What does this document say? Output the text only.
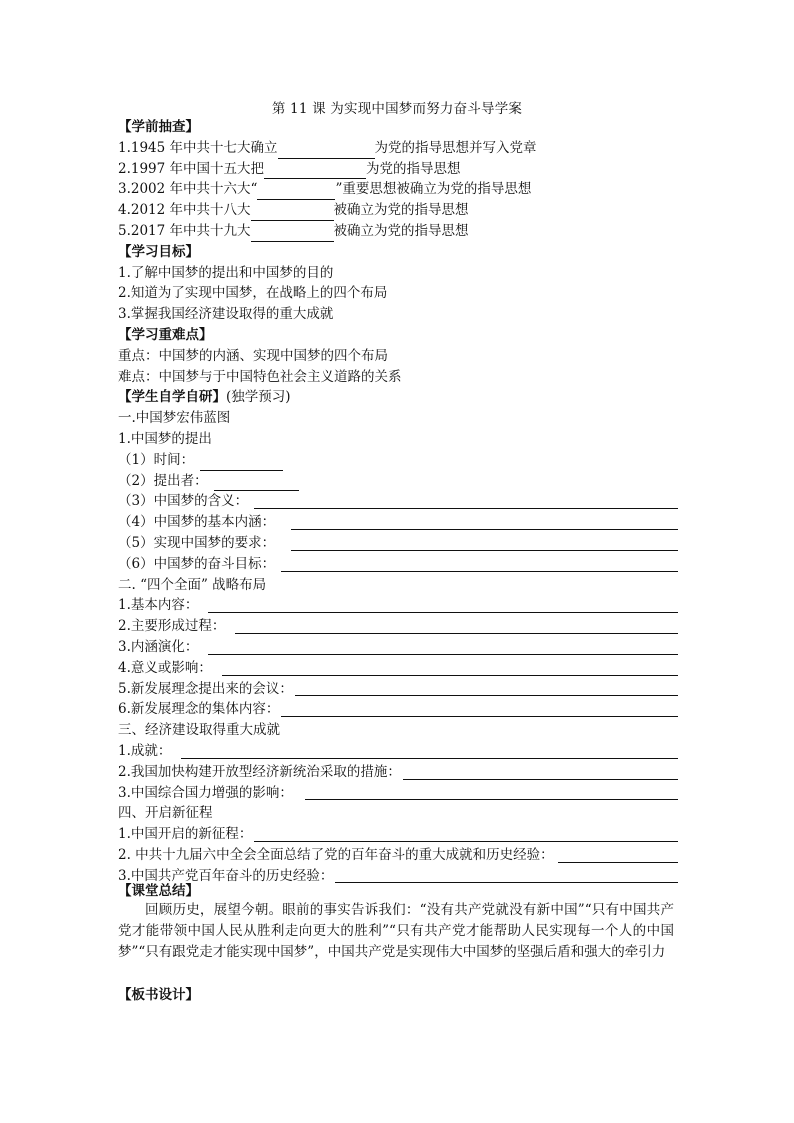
第 11 课 为实现中国梦而努力奋斗导学案
【学前抽查】
1.1945 年中共十七大确立	为党的指导思想并写入党章
2.1997 年中国十五大把	为党的指导思想
3.2002 年中共十六大“	”重要思想被确立为党的指导思想
4.2012 年中共十八大	被确立为党的指导思想
5.2017 年中共十九大	被确立为党的指导思想
【学习目标】
1.了解中国梦的提出和中国梦的目的
2.知道为了实现中国梦，在战略上的四个布局
3.掌握我国经济建设取得的重大成就
【学习重难点】
重点：中国梦的内涵、实现中国梦的四个布局
难点：中国梦与于中国特色社会主义道路的关系
【学生自学自研】 (独学预习)
一.中国梦宏伟蓝图
1.中国梦的提出
（1）时间：
（2）提出者：
（3）中国梦的含义：
（4）中国梦的基本内涵：
（5）实现中国梦的要求：
（6）中国梦的奋斗目标：
二. “四个全面” 战略布局
1.基本内容：
2.主要形成过程：
3.内涵演化：
4.意义或影响：
5.新发展理念提出来的会议：
6.新发展理念的集体内容：
三、经济建设取得重大成就
1.成就：
2.我国加快构建开放型经济新统治采取的措施：
3.中国综合国力增强的影响：
四、开启新征程
1.中国开启的新征程：
2. 中共十九届六中全会全面总结了党的百年奋斗的重大成就和历史经验：
3.中国共产党百年奋斗的历史经验：
【课堂总结】
回顾历史，展望今朝。眼前的事实告诉我们：“没有共产党就没有新中国”“只有中国共产党才能带领中国人民从胜利走向更大的胜利”“只有共产党才能帮助人民实现每一个人的中国梦”“只有跟党走才能实现中国梦”，中国共产党是实现伟大中国梦的坚强后盾和强大的牵引力
【板书设计】
